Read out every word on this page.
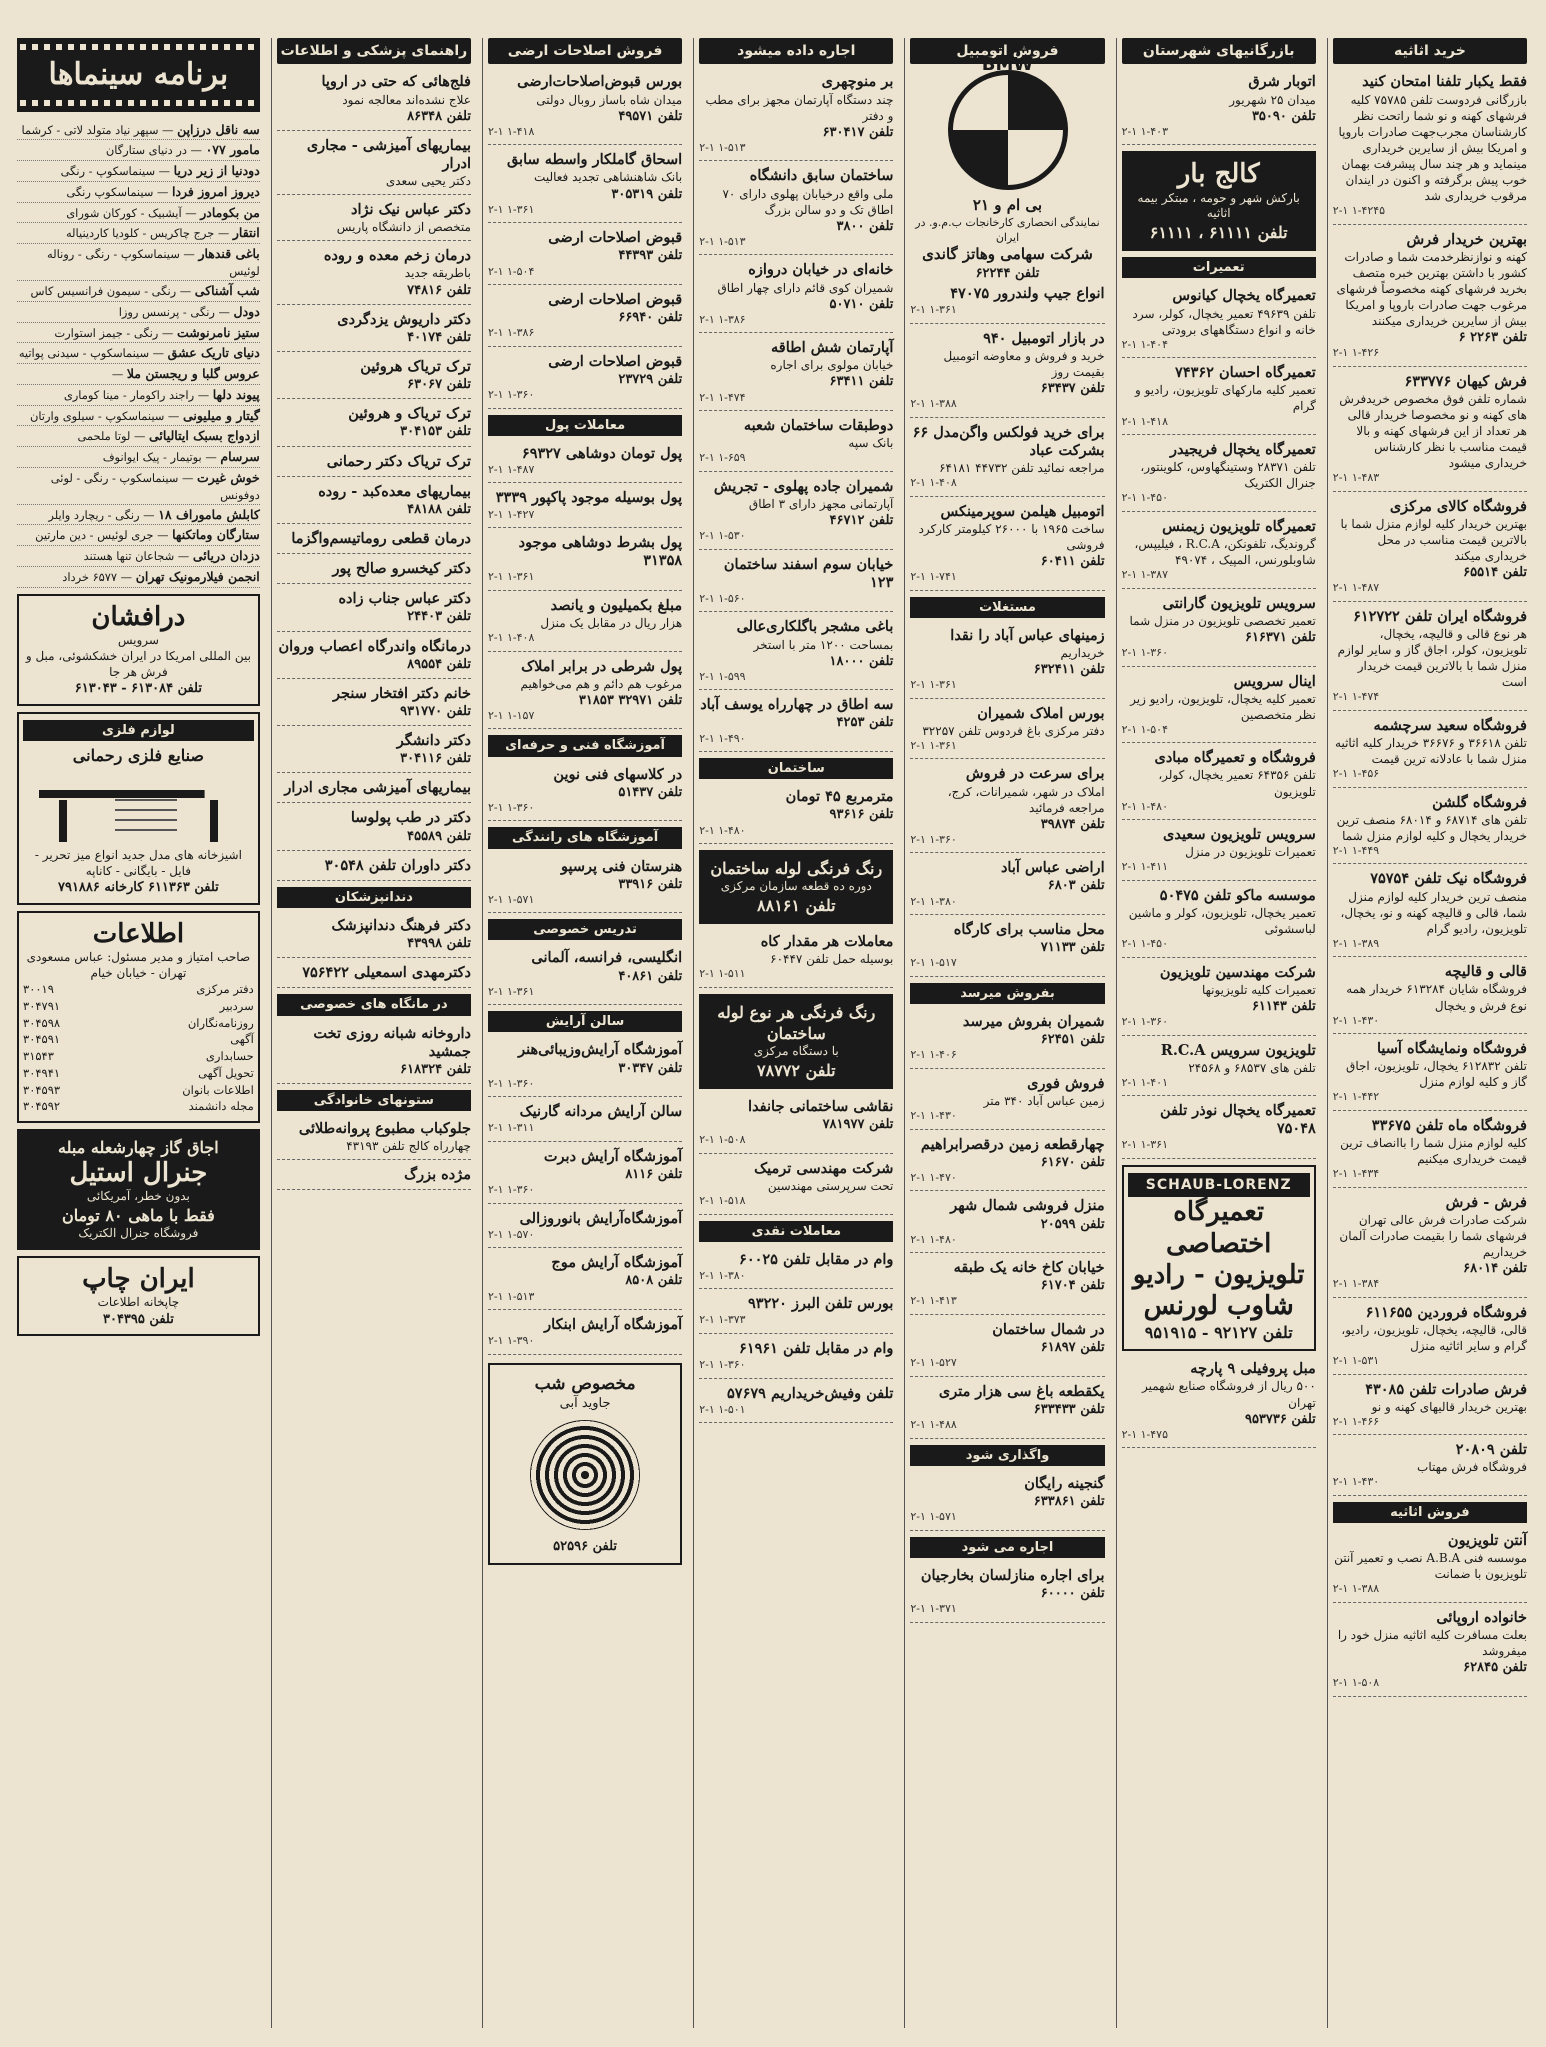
خرید اثاثیه
فقط یکبار تلفنا امتحان کنید
بازرگانی فردوست تلفن ۷۵۷۸۵ کلیه فرشهای کهنه و نو شما راتحت نظر کارشناسان مجرب‌جهت صادرات باروپا و امریکا بیش از سایرین خریداری مینماید و هر چند سال پیشرفت بهمان خوب پیش برگرفته و اکنون در ایندان مرقوب خریداری شد
۲-۱ ۱-۴۲۴۵
بهترین خریدار فرش
کهنه و نوازنظرخدمت شما و صادرات کشور با داشتن بهترین خبره متصف بخرید فرشهای کهنه مخصوصاً فرشهای مرغوب جهت صادرات باروپا و امریکا بیش از سایرین خریداری میکنند
تلفن ۲۲۶۳ ۶
۲-۱ ۱-۴۲۶
فرش کیهان ۶۳۳۷۷۶
شماره تلفن فوق مخصوص خریدفرش های کهنه و نو مخصوصا خریدار قالی هر تعداد از این فرشهای کهنه و بالا قیمت مناسب با نظر کارشناس خریداری میشود
۲-۱ ۱-۴۸۳
فروشگاه کالای مرکزی
بهترین خریدار کلیه لوازم منزل شما با بالاترین قیمت مناسب در محل خریداری میکند
تلفن ۶۵۵۱۴
۲-۱ ۱-۴۸۷
فروشگاه ایران تلفن ۶۱۲۷۲۲
هر نوع قالی و قالیچه، یخچال، تلویزیون، کولر، اجاق گاز و سایر لوازم منزل شما با بالاترین قیمت خریدار است
۲-۱ ۱-۴۷۴
فروشگاه سعید سرچشمه
تلفن ۳۶۶۱۸ و ۳۶۶۷۶ خریدار کلیه اثاثیه منزل شما با عادلانه ترین قیمت
۲-۱ ۱-۴۵۶
فروشگاه گلشن
تلفن های ۶۸۷۱۴ و ۶۸۰۱۴ منصف ترین خریدار یخچال و کلیه لوازم منزل شما
۲-۱ ۱-۴۴۹
فروشگاه نیک تلفن ۷۵۷۵۴
منصف ترین خریدار کلیه لوازم منزل شما، قالی و قالیچه کهنه و نو، یخچال، تلویزیون، رادیو گرام
۲-۱ ۱-۳۸۹
قالی و قالیچه
فروشگاه شایان ۶۱۳۲۸۴ خریدار همه نوع فرش و یخچال
۲-۱ ۱-۴۳۰
فروشگاه ونمایشگاه آسیا
تلفن ۶۱۲۸۳۲ یخچال، تلویزیون، اجاق گاز و کلیه لوازم منزل
۲-۱ ۱-۴۴۲
فروشگاه ماه تلفن ۳۳۶۷۵
کلیه لوازم منزل شما را باانصاف ترین قیمت خریداری میکنیم
۲-۱ ۱-۴۳۴
فرش - فرش
شرکت صادرات فرش عالی تهران فرشهای شما را بقیمت صادرات آلمان خریداریم
تلفن ۶۸۰۱۴
۲-۱ ۱-۳۸۴
فروشگاه فروردین ۶۱۱۶۵۵
قالی، قالیچه، یخچال، تلویزیون، رادیو، گرام و سایر اثاثیه منزل
۲-۱ ۱-۵۳۱
فرش صادرات تلفن ۴۳۰۸۵
بهترین خریدار قالیهای کهنه و نو
۲-۱ ۱-۴۶۶
تلفن ۲۰۸۰۹
فروشگاه فرش مهتاب
۲-۱ ۱-۴۳۰
فروش اثاثیه
آنتن تلویزیون
موسسه فنی A.B.A نصب و تعمیر آنتن تلویزیون با ضمانت
۲-۱ ۱-۳۸۸
خانواده اروپائی
بعلت مسافرت کلیه اثاثیه منزل خود را میفروشد
تلفن ۶۲۸۴۵
۲-۱ ۱-۵۰۸
بازرگانیهای شهرستان
اتوبار شرق
میدان ۲۵ شهریور
تلفن ۳۵۰۹۰
۲-۱ ۱-۴۰۳
کالج بار
بارکش شهر و حومه ، مبتکر بیمه اثاثیه
تلفن ۶۱۱۱۱ ، ۶۱۱۱۱
تعمیرات
تعمیرگاه یخچال کیانوس
تلفن ۴۹۶۳۹ تعمیر یخچال، کولر، سرد خانه و انواع دستگاههای برودتی
۲-۱ ۱-۴۰۴
تعمیرگاه احسان ۷۴۳۶۲
تعمیر کلیه مارکهای تلویزیون، رادیو و گرام
۲-۱ ۱-۴۱۸
تعمیرگاه یخچال فریجیدر
تلفن ۲۸۳۷۱ وستینگهاوس، کلوینتور، جنرال الکتریک
۲-۱ ۱-۴۵۰
تعمیرگاه تلویزیون زیمنس
گروندیگ، تلفونکن، R.C.A ، فیلیپس، شاوبلورنس، المپیک ، ۴۹۰۷۴
۲-۱ ۱-۳۸۷
سرویس تلویزیون گارانتی
تعمیر تخصصی تلویزیون در منزل شما
تلفن ۶۱۶۳۷۱
۲-۱ ۱-۳۶۰
اینال سرویس
تعمیر کلیه یخچال، تلویزیون، رادیو زیر نظر متخصصین
۲-۱ ۱-۵۰۴
فروشگاه و تعمیرگاه مبادی
تلفن ۶۴۳۵۶ تعمیر یخچال، کولر، تلویزیون
۲-۱ ۱-۴۸۰
سرویس تلویزیون سعیدی
تعمیرات تلویزیون در منزل
۲-۱ ۱-۴۱۱
موسسه ماکو تلفن ۵۰۴۷۵
تعمیر یخچال، تلویزیون، کولر و ماشین لباسشوئی
۲-۱ ۱-۴۵۰
شرکت مهندسین تلویزیون
تعمیرات کلیه تلویزیونها
تلفن ۶۱۱۴۳
۲-۱ ۱-۳۶۰
تلویزیون سرویس R.C.A
تلفن های ۶۸۵۳۷ و ۲۴۵۶۸
۲-۱ ۱-۴۰۱
تعمیرگاه یخچال نوذر تلفن ۷۵۰۴۸
۲-۱ ۱-۳۶۱
SCHAUB-LORENZ
تعمیرگاه اختصاصی
تلویزیون - رادیو
شاوب لورنس
تلفن ۹۲۱۲۷ - ۹۵۱۹۱۵
مبل پروفیلی ۹ پارچه
۵۰۰ ریال از فروشگاه صنایع شهمیر تهران
تلفن ۹۵۳۷۳۶
۲-۱ ۱-۴۷۵
فروش اتومبیل
BMW
بی ام و ۲۱
نمایندگی انحصاری کارخانجات ب.م.و. در ایران
شرکت سهامی وهاتز گاندی
تلفن ۶۲۲۴۴
انواع جیپ ولندرور ۴۷۰۷۵
۲-۱ ۱-۳۶۱
در بازار اتومبیل ۹۴۰
خرید و فروش و معاوضه اتومبیل بقیمت روز
تلفن ۶۳۴۳۷
۲-۱ ۱-۳۸۸
برای خرید فولکس واگن‌مدل ۶۶ بشرکت عباد
مراجعه نمائید تلفن ۴۴۷۳۲ ۶۴۱۸۱
۲-۱ ۱-۴۰۸
اتومبیل هیلمن سوپرمینکس
ساخت ۱۹۶۵ با ۲۶۰۰۰ کیلومتر کارکرد فروشی
تلفن ۶۰۴۱۱
۲-۱ ۱-۷۴۱
مستغلات
زمینهای عباس آباد را نقدا
خریداریم
تلفن ۶۳۲۴۱۱
۲-۱ ۱-۳۶۱
بورس املاک شمیران
دفتر مرکزی باغ فردوس تلفن ۳۲۲۵۷
۲-۱ ۱-۳۶۱
برای سرعت در فروش
املاک در شهر، شمیرانات، کرج، مراجعه فرمائید
تلفن ۳۹۸۷۴
۲-۱ ۱-۳۶۰
اراضی عباس آباد
تلفن ۶۸۰۳
۲-۱ ۱-۳۸۰
محل مناسب برای کارگاه
تلفن ۷۱۱۳۳
۲-۱ ۱-۵۱۷
بفروش میرسد
شمیران بفروش میرسد
تلفن ۶۲۴۵۱
۲-۱ ۱-۴۰۶
فروش فوری
زمین عباس آباد ۳۴۰ متر
۲-۱ ۱-۴۳۰
چهارقطعه زمین درقصرابراهیم
تلفن ۶۱۶۷۰
۲-۱ ۱-۴۷۰
منزل فروشی شمال شهر
تلفن ۲۰۵۹۹
۲-۱ ۱-۴۸۰
خیابان کاخ خانه یک طبقه
تلفن ۶۱۷۰۴
۲-۱ ۱-۴۱۳
در شمال ساختمان
تلفن ۶۱۸۹۷
۲-۱ ۱-۵۲۷
یکقطعه باغ سی هزار متری
تلفن ۶۳۳۴۳۳
۲-۱ ۱-۴۸۸
واگذاری شود
گنجینه رایگان
تلفن ۶۳۳۸۶۱
۲-۱ ۱-۵۷۱
اجاره می شود
برای اجاره منازلسان بخارجیان
تلفن ۶۰۰۰۰
۲-۱ ۱-۳۷۱
اجاره داده میشود
بر منوچهری
چند دستگاه آپارتمان مجهز برای مطب و دفتر
تلفن ۶۳۰۴۱۷
۲-۱ ۱-۵۱۳
ساختمان سابق دانشگاه
ملی واقع درخیابان پهلوی دارای ۷۰ اطاق تک و دو سالن بزرگ
تلفن ۳۸۰۰
۲-۱ ۱-۵۱۳
خانه‌ای در خیابان دروازه
شمیران کوی قائم دارای چهار اطاق
تلفن ۵۰۷۱۰
۲-۱ ۱-۳۸۶
آپارتمان شش اطاقه
خیابان مولوی برای اجاره
تلفن ۶۳۴۱۱
۲-۱ ۱-۴۷۴
دوطبقات ساختمان شعبه
بانک سپه
۲-۱ ۱-۶۵۹
شمیران جاده پهلوی - تجریش
آپارتمانی مجهز دارای ۳ اطاق
تلفن ۴۶۷۱۲
۲-۱ ۱-۵۳۰
خیابان سوم اسفند ساختمان ۱۲۳
۲-۱ ۱-۵۶۰
باغی مشجر باگلکاری‌عالی
بمساحت ۱۲۰۰ متر با استخر
تلفن ۱۸۰۰۰
۲-۱ ۱-۵۹۹
سه اطاق در چهارراه یوسف آباد
تلفن ۴۲۵۳
۲-۱ ۱-۴۹۰
ساختمان
مترمربع ۴۵ تومان
تلفن ۹۳۶۱۶
۲-۱ ۱-۴۸۰
رنگ فرنگی لوله ساختمان
دوره ده قطعه سازمان مرکزی
تلفن ۸۸۱۶۱
معاملات هر مقدار کاه
بوسیله حمل تلفن ۶۰۴۴۷
۲-۱ ۱-۵۱۱
رنگ فرنگی هر نوع لوله ساختمان
با دستگاه مرکزی
تلفن ۷۸۷۷۲
نقاشی ساختمانی جانفدا
تلفن ۷۸۱۹۷۷
۲-۱ ۱-۵۰۸
شرکت مهندسی ترمیک
تحت سرپرستی مهندسین
۲-۱ ۱-۵۱۸
معاملات نقدی
وام در مقابل تلفن ۶۰۰۲۵
۲-۱ ۱-۳۸۰
بورس تلفن البرز ۹۳۲۲۰
۲-۱ ۱-۳۷۳
وام در مقابل تلفن ۶۱۹۶۱
۲-۱ ۱-۳۶۰
تلفن وفیش‌خریداریم ۵۷۶۷۹
۲-۱ ۱-۵۰۱
فروش اصلاحات ارضی
بورس قبوض‌اصلاحات‌ارضی
میدان شاه باساز روبال دولتی
تلفن ۴۹۵۷۱
۲-۱ ۱-۴۱۸
اسحاق گاملکار واسطه سابق
بانک شاهنشاهی تجدید فعالیت
تلفن ۳۰۵۳۱۹
۲-۱ ۱-۳۶۱
قبوض اصلاحات ارضی
تلفن ۴۴۳۹۳
۲-۱ ۱-۵۰۴
قبوض اصلاحات ارضی
تلفن ۶۶۹۴۰
۲-۱ ۱-۳۸۶
قبوض اصلاحات ارضی
تلفن ۲۳۷۲۹
۲-۱ ۱-۳۶۰
معاملات پول
پول تومان دوشاهی ۶۹۳۲۷
۲-۱ ۱-۴۸۷
پول بوسیله موجود پاکپور ۳۳۳۹
۲-۱ ۱-۴۲۷
پول بشرط دوشاهی موجود ۳۱۳۵۸
۲-۱ ۱-۳۶۱
مبلغ بکمیلیون و یانصد
هزار ریال در مقابل یک منزل
۲-۱ ۱-۴۰۸
پول شرطی در برابر املاک
مرغوب هم دائم و هم می‌خواهیم
تلفن ۳۲۹۷۱ ۳۱۸۵۳
۲-۱ ۱-۱۵۷
آموزشگاه فنی و حرفه‌ای
در کلاسهای فنی نوین
تلفن ۵۱۴۳۷
۲-۱ ۱-۳۶۰
آموزشگاه های رانندگی
هنرستان فنی پرسپو
تلفن ۳۳۹۱۶
۲-۱ ۱-۵۷۱
تدریس خصوصی
انگلیسی، فرانسه، آلمانی
تلفن ۴۰۸۶۱
۲-۱ ۱-۳۶۱
سالن آرایش
آموزشگاه آرایش‌وزیبائی‌هنر
تلفن ۳۰۳۴۷
۲-۱ ۱-۳۶۰
سالن آرایش مردانه گارنیک
۲-۱ ۱-۳۱۱
آموزشگاه آرایش دبرت
تلفن ۸۱۱۶
۲-۱ ۱-۳۶۰
آموزشگاه‌آرایش بانوروزالی
۲-۱ ۱-۵۷۰
آموزشگاه آرایش موج
تلفن ۸۵۰۸
۲-۱ ۱-۵۱۳
آموزشگاه آرایش ابنکار
۲-۱ ۱-۳۹۰
مخصوص شب
جاوید آبی
تلفن ۵۲۵۹۶
راهنمای پزشکی و اطلاعات
فلج‌هائی که حتی در اروپا
علاج نشده‌اند معالجه نمود
تلفن ۸۶۳۴۸
بیماریهای آمیزشی - مجاری ادرار
دکتر یحیی سعدی
دکتر عباس نیک نژاد
متخصص از دانشگاه پاریس
درمان زخم معده و روده
باطریقه جدید
تلفن ۷۴۸۱۶
دکتر داریوش یزدگردی
تلفن ۴۰۱۷۴
ترک تریاک هروئین
تلفن ۶۳۰۶۷
ترک تریاک و هروئین
تلفن ۳۰۴۱۵۳
ترک تریاک دکتر رحمانی
بیماریهای معده‌کبد - روده
تلفن ۴۸۱۸۸
درمان قطعی روماتیسم‌واگزما
دکتر کیخسرو صالح پور
دکتر عباس جناب زاده
تلفن ۲۴۴۰۳
درمانگاه واندرگاه اعصاب وروان
تلفن ۸۹۵۵۴
خانم دکتر افتخار سنجر
تلفن ۹۳۱۷۷۰
دکتر دانشگر
تلفن ۳۰۴۱۱۶
بیماریهای آمیزشی مجاری ادرار
دکتر در طب پولوسا
تلفن ۴۵۵۸۹
دکتر داوران تلفن ۳۰۵۴۸
دندانپزشکان
دکتر فرهنگ دندانپزشک
تلفن ۴۳۹۹۸
دکترمهدی اسمعیلی ۷۵۶۴۲۲
در مانگاه های خصوصی
داروخانه شبانه روزی تخت جمشید
تلفن ۶۱۸۳۲۴
ستونهای خانوادگی
جلوکباب مطبوع پروانه‌طلائی
چهارراه کالج تلفن ۴۳۱۹۳
مژده بزرگ
برنامه سینماها
سه ناقل درزاپن — سپهر نیاد متولد لاتی - کرشما
مامور ۰۷۷ — در دنیای ستارگان
دودنیا از زیر دریا — سینماسکوپ - رنگی
دیروز امروز فردا — سینماسکوپ رنگی
من بکومادر — آیشبیک - کورکان شورای
انتقار — جرج چاکریس - کلودیا کاردینیاله
باغی قندهار — سینماسکوپ - رنگی - روناله لوئیس
شب آشناکی — رنگی - سیمون فرانسیس کاس
دودل — رنگی - پرنسس روزا
ستیز نامرنوشت — رنگی - جیمز استوارت
دنیای تاریک عشق — سینماسکوپ - سیدنی پواتیه
عروس گلبا و ریجستن ملا —
پیوند دلها — راجند راکومار - مینا کوماری
گیتار و میلیونی — سینماسکوپ - سیلوی وارتان
ازدواج بسبک ایتالیائی — لوتا ملحمی
سرسام — بوتیمار - پیک ایوانوف
خوش غیرت — سینماسکوپ - رنگی - لوئی دوفونس
کابلش ماموراف ۱۸ — رنگی - ریچارد وایلر
ستارگان وماتکنها — جری لوئیس - دین مارتین
دزدان دریائی — شجاعان تنها هستند
انجمن فیلارمونیک تهران — ۶۵۷۷ خرداد
درافشان
سرویس
بین المللی امریکا در ایران خشکشوئی، مبل و فرش هر جا
تلفن ۶۱۳۰۸۴ - ۶۱۳۰۴۳
لوازم فلزی
صنایع فلزی رحمانی
اشیزخانه های مدل جدید انواع میز تحریر - فایل - بایگانی - کاناپه
تلفن ۶۱۱۳۶۳ کارخانه ۷۹۱۸۸۶
اطلاعات
صاحب امتیاز و مدیر مسئول: عباس مسعودی
تهران - خیابان خیام
دفتر مرکزی
۳۰۰۱۹
سردبیر
۳۰۴۷۹۱
روزنامه‌نگاران
۳۰۴۵۹۸
آگهی
۳۰۴۵۹۱
حسابداری
۳۱۵۴۳
تحویل آگهی
۳۰۴۹۴۱
اطلاعات بانوان
۳۰۴۵۹۳
مجله دانشمند
۳۰۴۵۹۲
اجاق گاز چهارشعله مبله
جنرال استیل
بدون خطر، آمریکائی
فقط با ماهی ۸۰ تومان
فروشگاه جنرال الکتریک
ایران چاپ
چاپخانه اطلاعات
تلفن ۳۰۴۳۹۵
